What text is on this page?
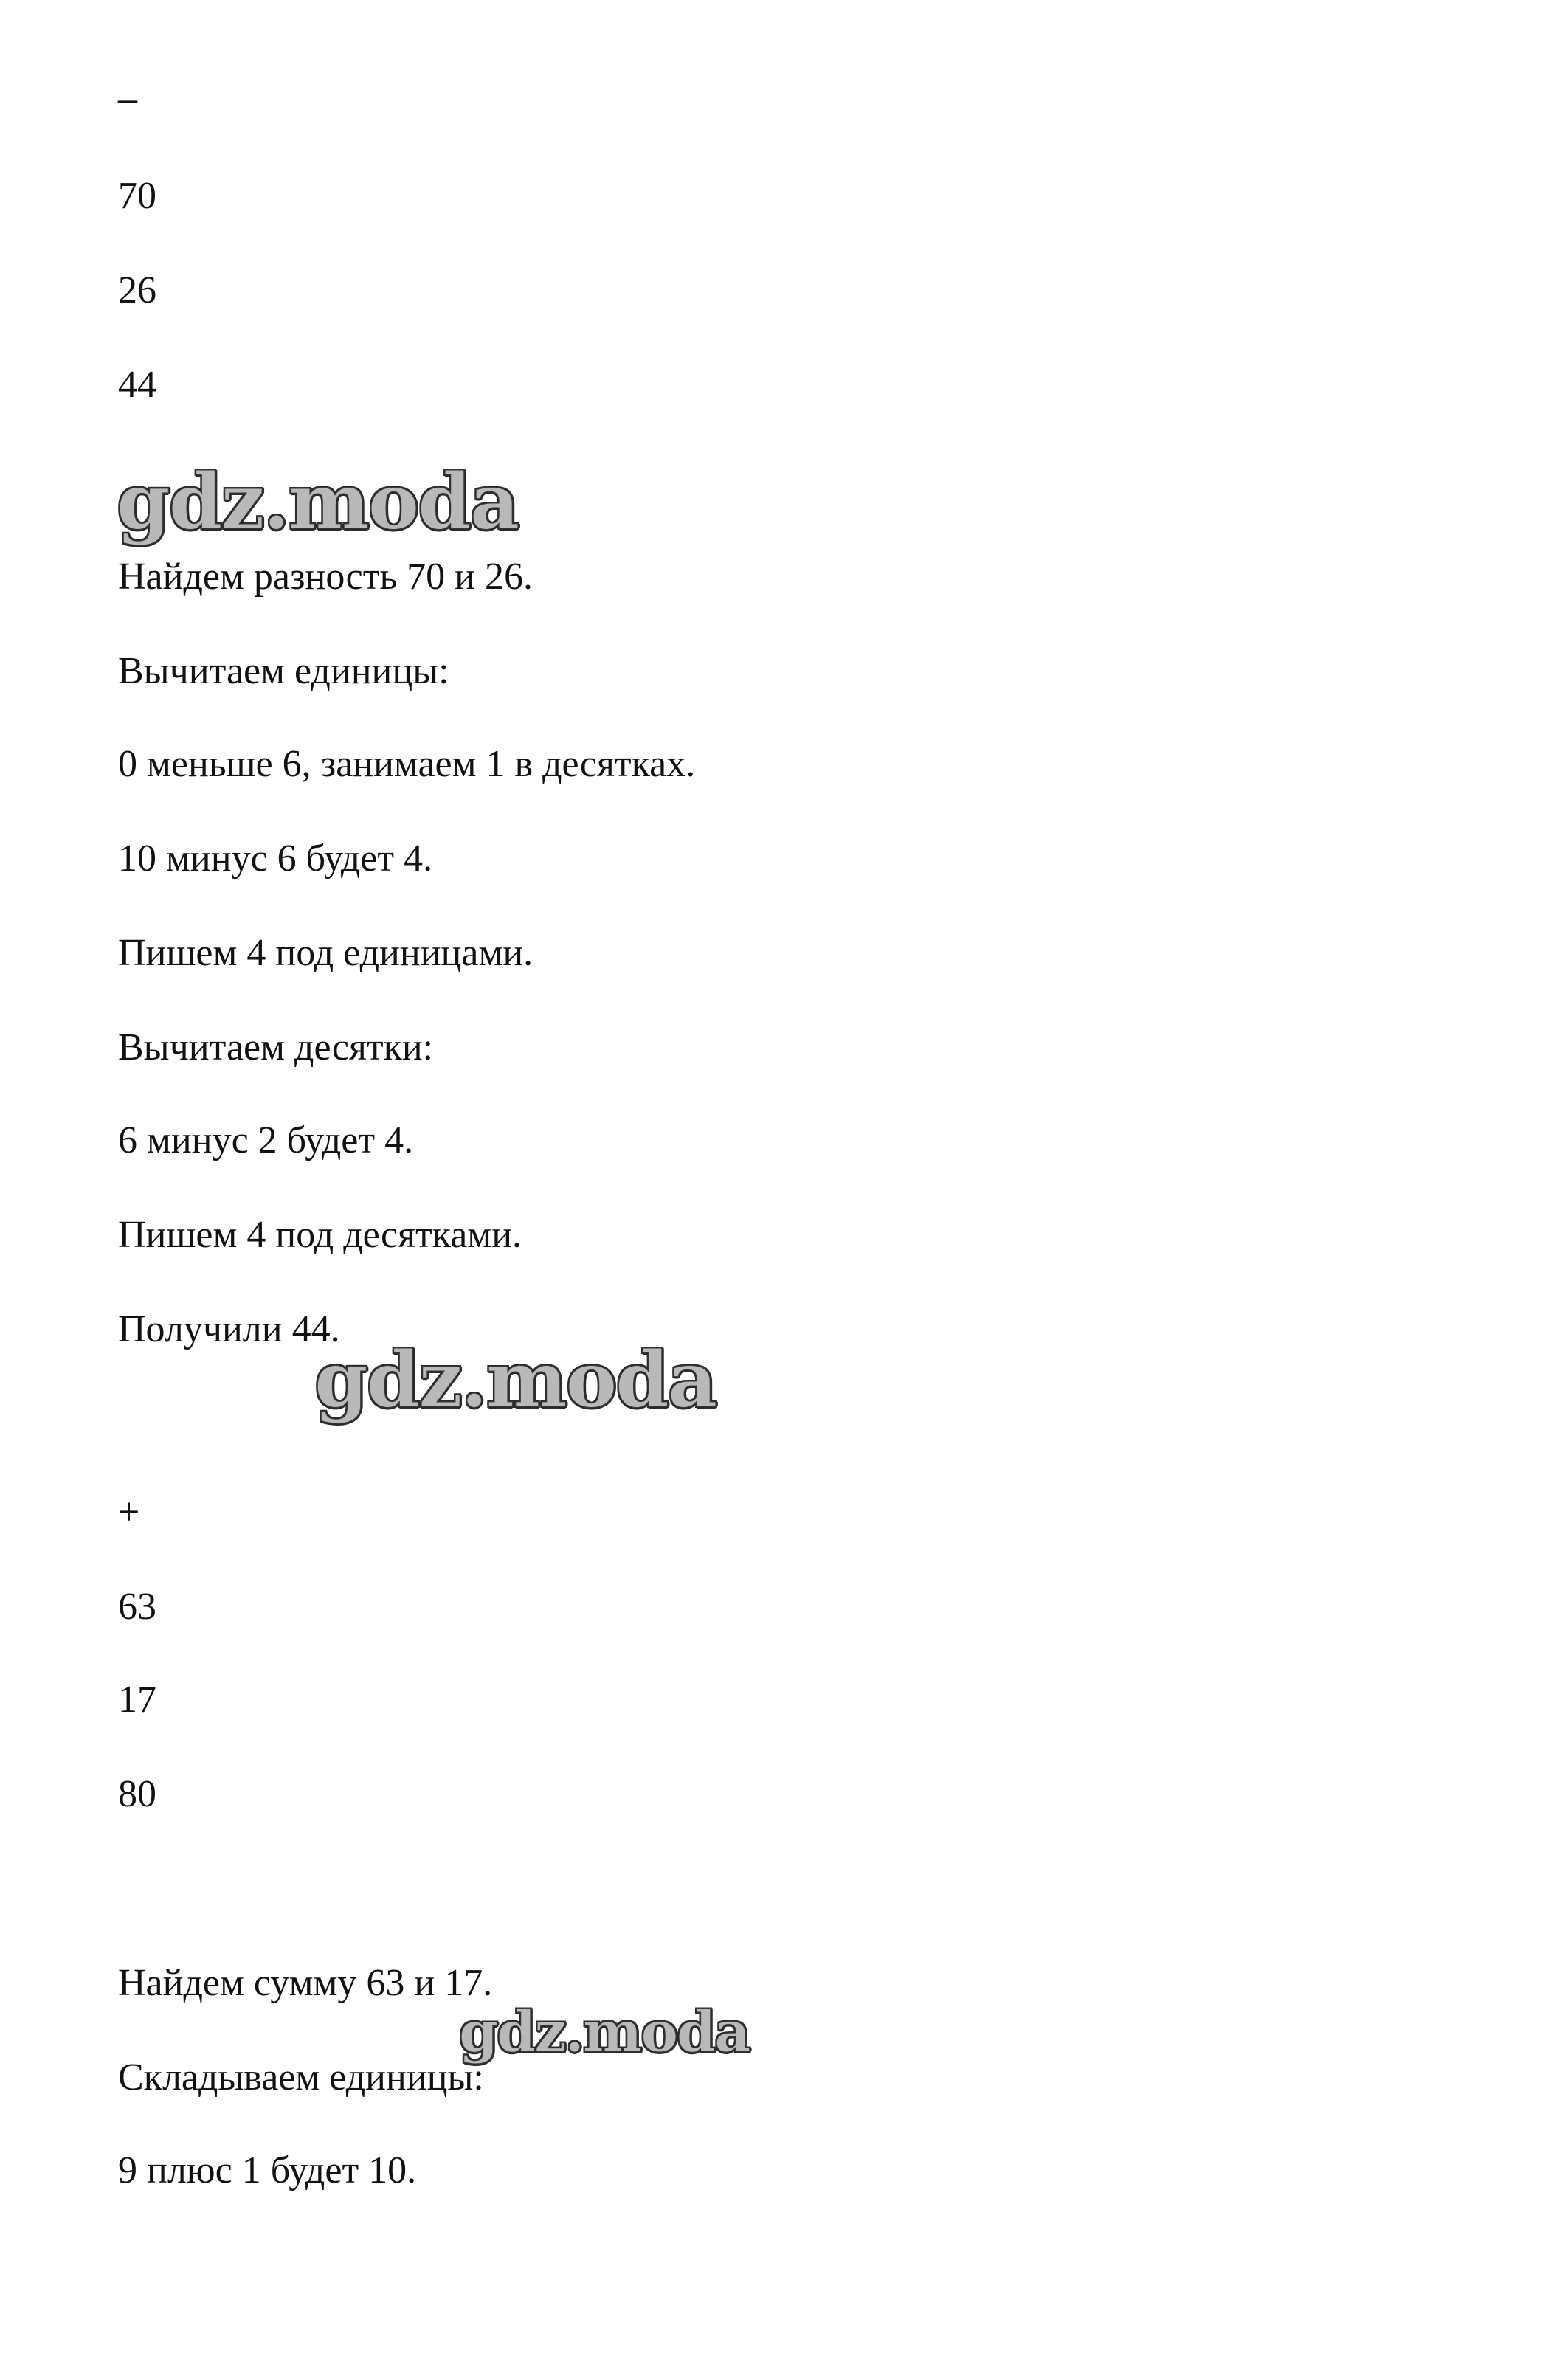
–

70

26

44

gdz.moda

Найдем разность 70 и 26.

Вычитаем единицы:

0 меньше 6, занимаем 1 в десятках.

10 минус 6 будет 4.

Пишем 4 под единицами.

Вычитаем десятки:

6 минус 2 будет 4.

Пишем 4 под десятками.

Получили 44.

gdz.moda

+

63

17

80

Найдем сумму 63 и 17.

gdz.moda

Складываем единицы:

9 плюс 1 будет 10.
